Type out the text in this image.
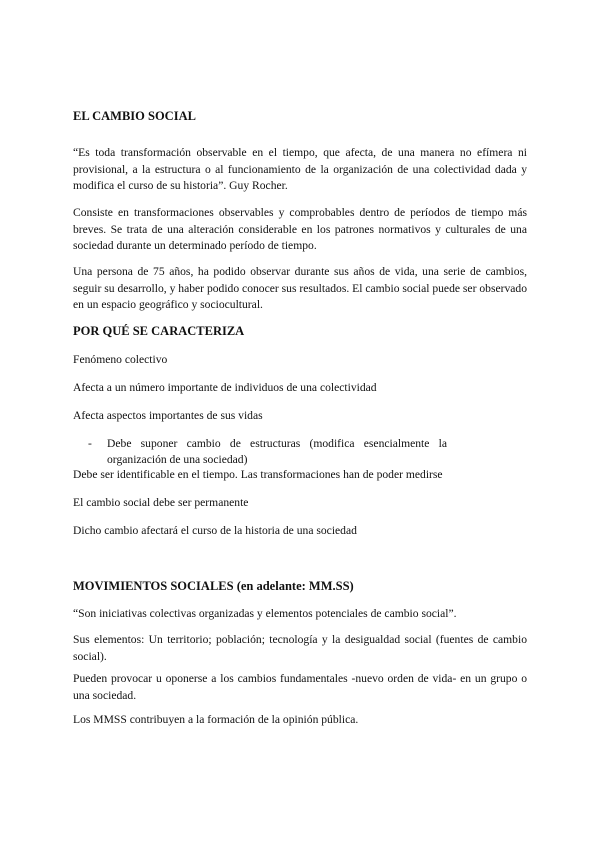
EL CAMBIO SOCIAL

“Es toda transformación observable en el tiempo, que afecta, de una manera no efímera ni provisional, a la estructura o al funcionamiento de la organización de una colectividad dada y modifica el curso de su historia”. Guy Rocher.

Consiste en transformaciones observables y comprobables dentro de períodos de tiempo más breves. Se trata de una alteración considerable en los patrones normativos y culturales de una sociedad durante un determinado período de tiempo.

Una persona de 75 años, ha podido observar durante sus años de vida, una serie de cambios, seguir su desarrollo, y haber podido conocer sus resultados. El cambio social puede ser observado en un espacio geográfico y sociocultural.

POR QUÉ SE CARACTERIZA

Fenómeno colectivo

Afecta a un número importante de individuos de una colectividad

Afecta aspectos importantes de sus vidas

- Debe suponer cambio de estructuras (modifica esencialmente la organización de una sociedad)

Debe ser identificable en el tiempo. Las transformaciones han de poder medirse

El cambio social debe ser permanente

Dicho cambio afectará el curso de la historia de una sociedad

MOVIMIENTOS SOCIALES (en adelante: MM.SS)

“Son iniciativas colectivas organizadas y elementos potenciales de cambio social”.

Sus elementos: Un territorio; población; tecnología y la desigualdad social (fuentes de cambio social).

Pueden provocar u oponerse a los cambios fundamentales -nuevo orden de vida- en un grupo o una sociedad.

Los MMSS contribuyen a la formación de la opinión pública.
